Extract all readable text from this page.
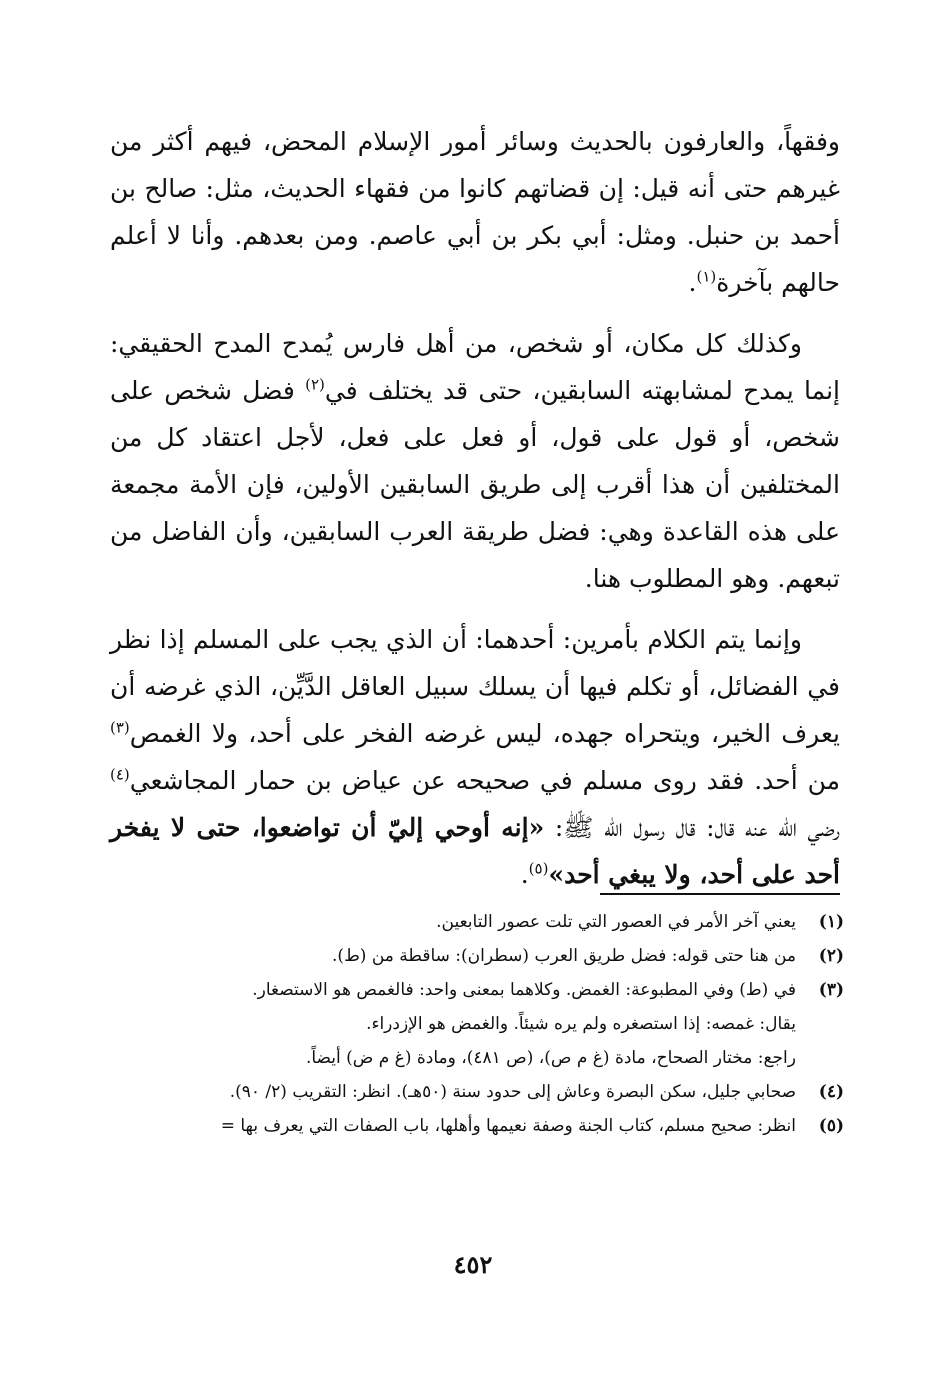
وفقهاً، والعارفون بالحديث وسائر أمور الإسلام المحض، فيهم أكثر من غيرهم حتى أنه قيل: إن قضاتهم كانوا من فقهاء الحديث، مثل: صالح بن أحمد بن حنبل. ومثل: أبي بكر بن أبي عاصم. ومن بعدهم. وأنا لا أعلم حالهم بآخرة$^{(١)}$.

وكذلك كل مكان، أو شخص، من أهل فارس يُمدح المدح الحقيقي: إنما يمدح لمشابهته السابقين، حتى قد يختلف في$^{(٢)}$ فضل شخص على شخص، أو قول على قول، أو فعل على فعل، لأجل اعتقاد كل من المختلفين أن هذا أقرب إلى طريق السابقين الأولين، فإن الأمة مجمعة على هذه القاعدة وهي: فضل طريقة العرب السابقين، وأن الفاضل من تبعهم. وهو المطلوب هنا.

وإنما يتم الكلام بأمرين: أحدهما: أن الذي يجب على المسلم إذا نظر في الفضائل، أو تكلم فيها أن يسلك سبيل العاقل الدَّيِّن، الذي غرضه أن يعرف الخير، ويتحراه جهده، ليس غرضه الفخر على أحد، ولا الغمص$^{(٣)}$ من أحد. فقد روى مسلم في صحيحه عن عياض بن حمار المجاشعي$^{(٤)}$ رضي الله عنه قال: قال رسول الله ﷺ: «إنه أوحي إليّ أن تواضعوا، حتى لا يفخر أحد على أحد، ولا يبغي أحد»$^{(٥)}$.

(١)
يعني آخر الأمر في العصور التي تلت عصور التابعين.
(٢)
من هنا حتى قوله: فضل طريق العرب (سطران): ساقطة من (ط).
(٣)
في (ط) وفي المطبوعة: الغمض. وكلاهما بمعنى واحد: فالغمص هو الاستصغار.
يقال: غمصه: إذا استصغره ولم يره شيئاً. والغمض هو الإزدراء.
راجع: مختار الصحاح، مادة (غ م ص)، (ص ٤٨١)، ومادة (غ م ض) أيضاً.
(٤)
صحابي جليل، سكن البصرة وعاش إلى حدود سنة (٥٠هـ). انظر: التقريب (٢/ ٩٠).
(٥)
انظر: صحيح مسلم، كتاب الجنة وصفة نعيمها وأهلها، باب الصفات التي يعرف بها =
٤٥٢
